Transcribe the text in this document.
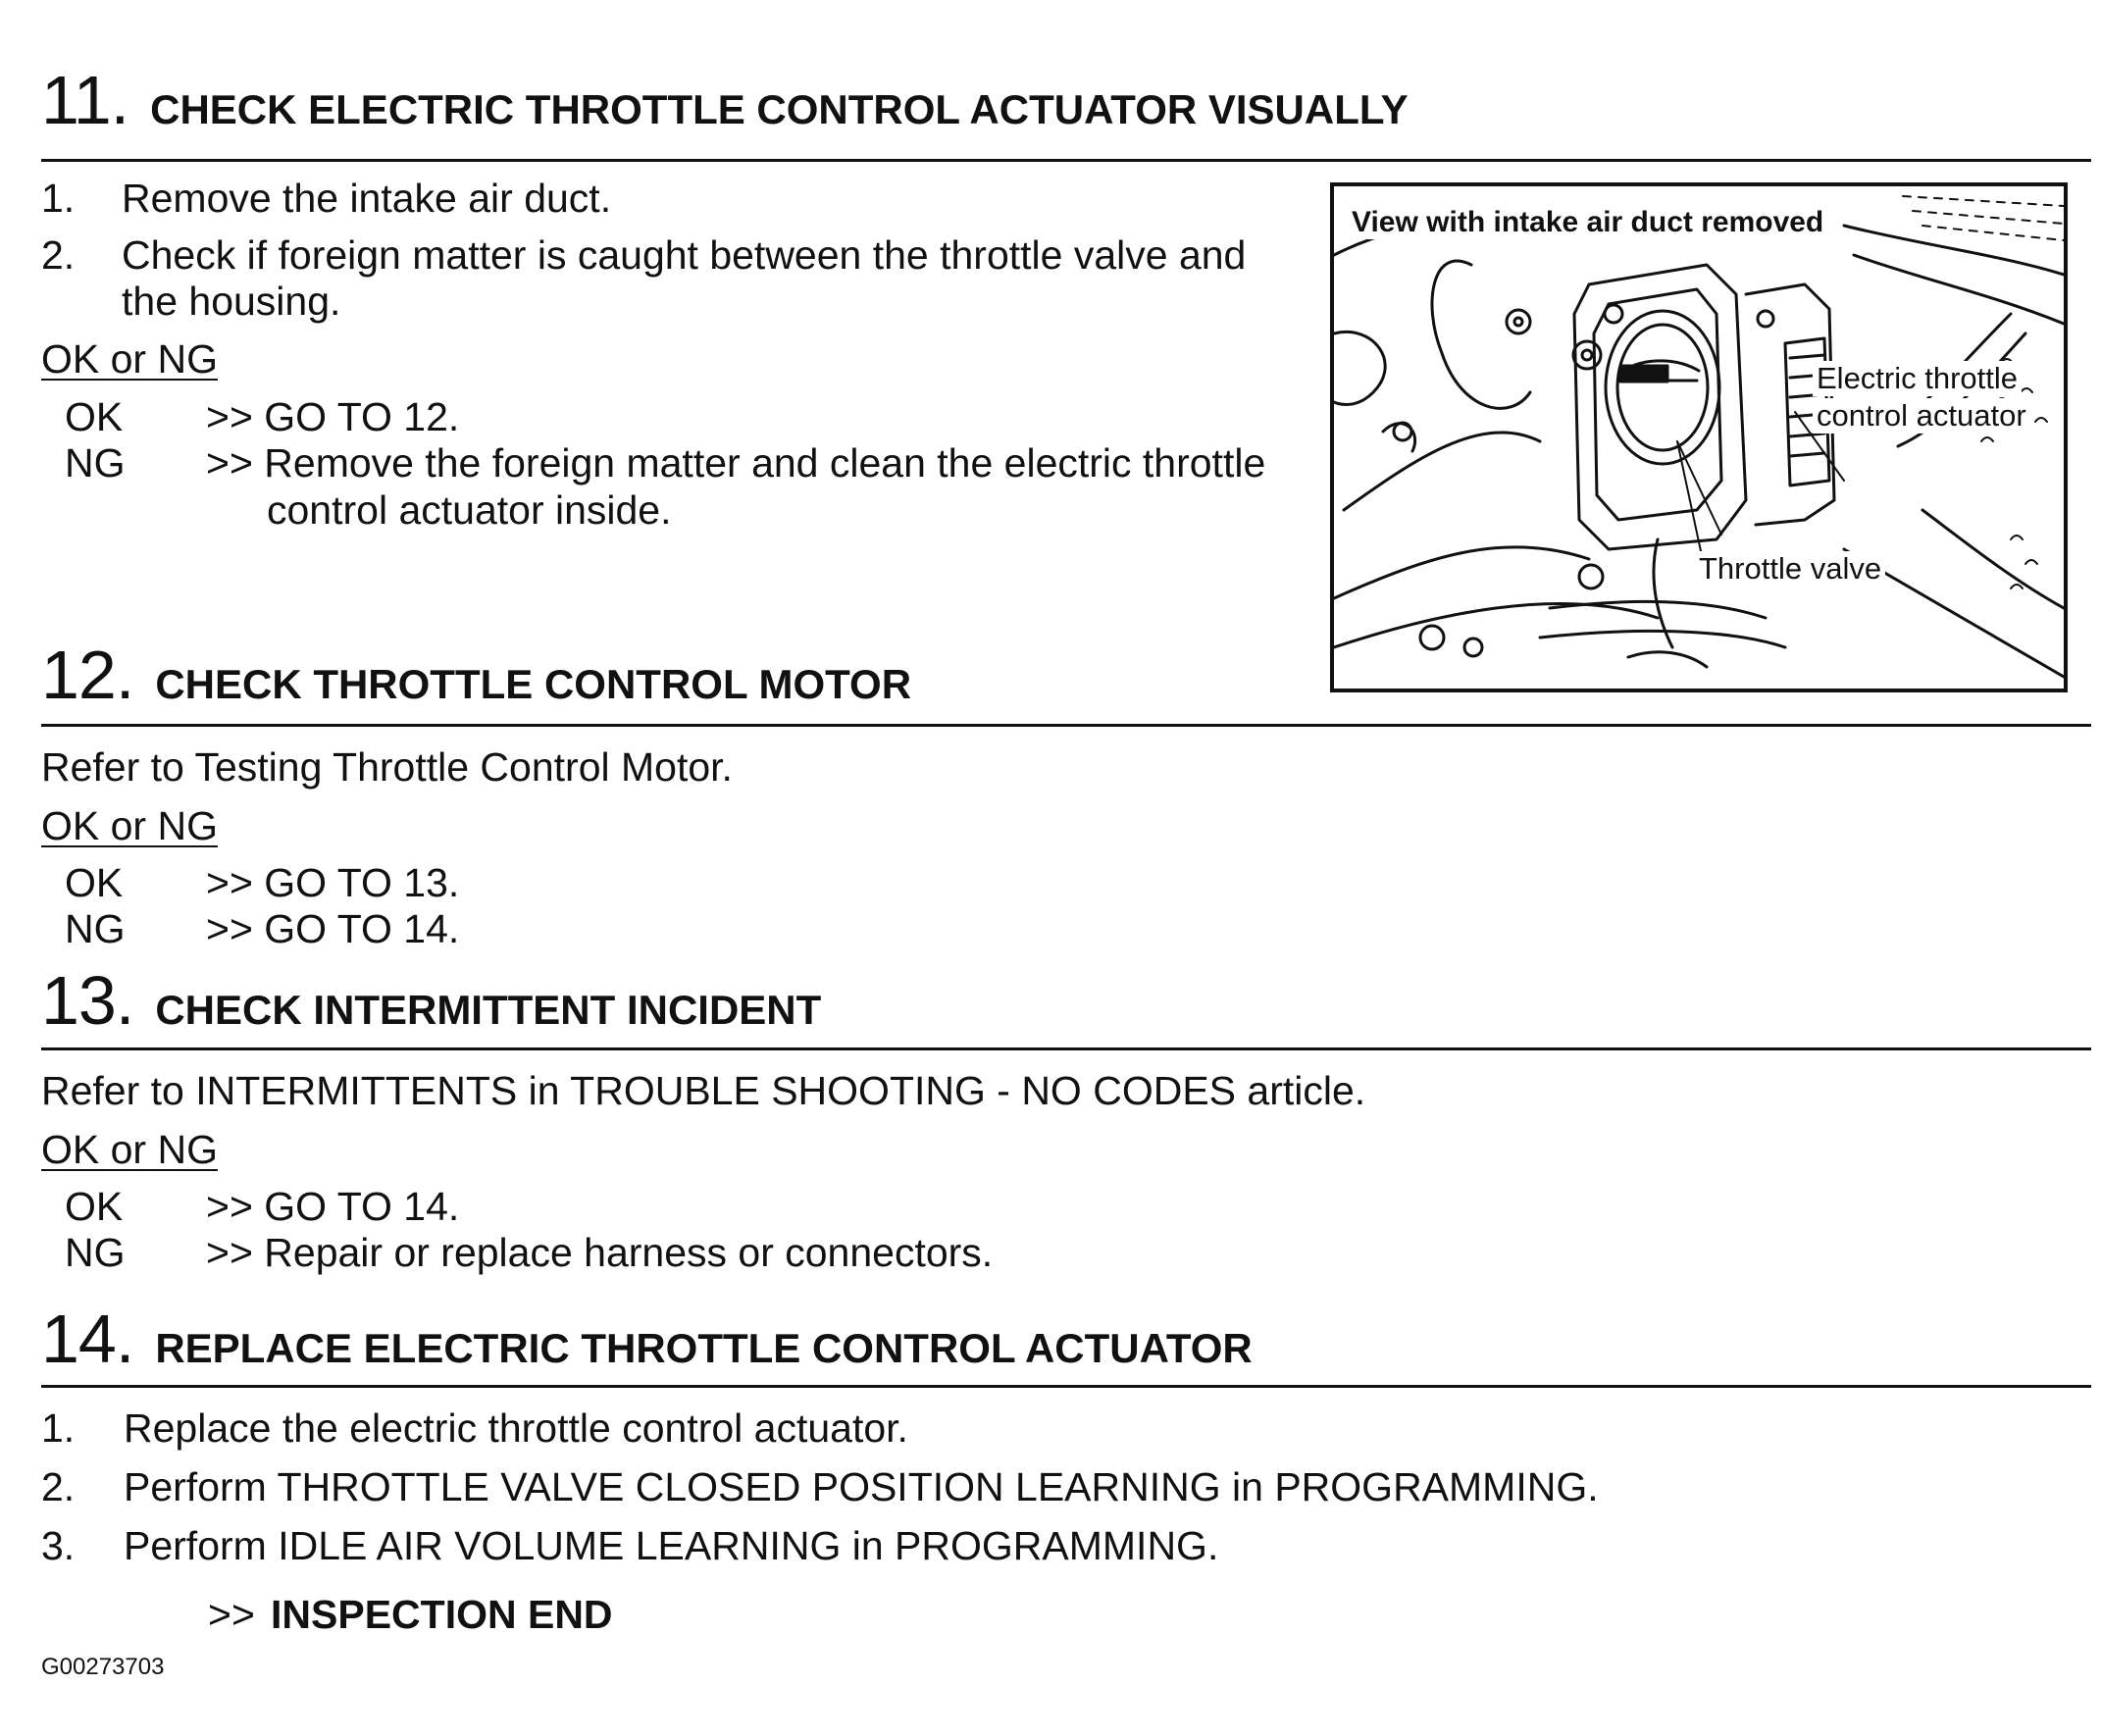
11. CHECK ELECTRIC THROTTLE CONTROL ACTUATOR VISUALLY
1. Remove the intake air duct.
2. Check if foreign matter is caught between the throttle valve and
the housing.
OK or NG
OK >> GO TO 12.
NG >> Remove the foreign matter and clean the electric throttle
control actuator inside.
View with intake air duct removed
Electric throttle
control actuator
Throttle valve
12. CHECK THROTTLE CONTROL MOTOR
Refer to Testing Throttle Control Motor.
OK or NG
OK >> GO TO 13.
NG >> GO TO 14.
13. CHECK INTERMITTENT INCIDENT
Refer to INTERMITTENTS in TROUBLE SHOOTING - NO CODES article.
OK or NG
OK >> GO TO 14.
NG >> Repair or replace harness or connectors.
14. REPLACE ELECTRIC THROTTLE CONTROL ACTUATOR
1. Replace the electric throttle control actuator.
2. Perform THROTTLE VALVE CLOSED POSITION LEARNING in PROGRAMMING.
3. Perform IDLE AIR VOLUME LEARNING in PROGRAMMING.
>> INSPECTION END
G00273703
